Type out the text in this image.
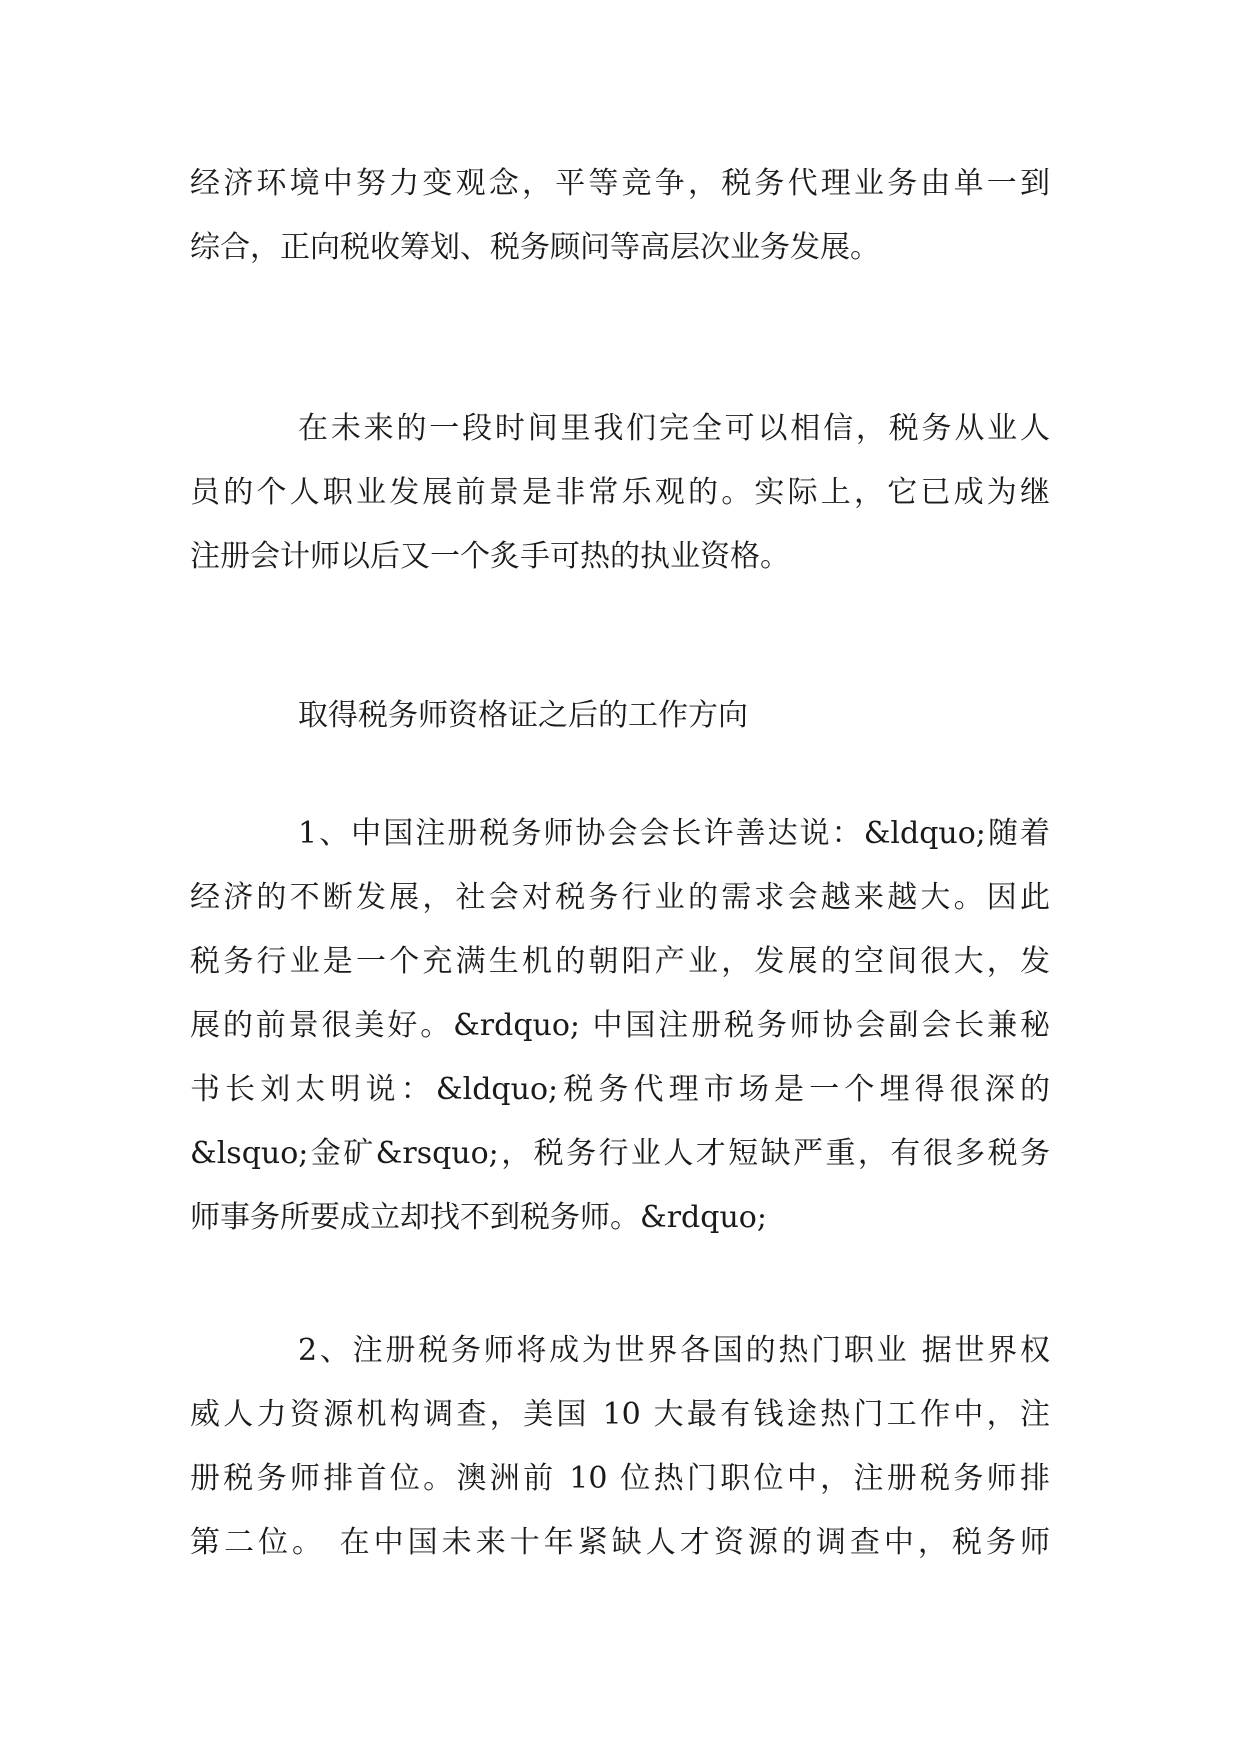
经济环境中努力变观念，平等竞争，税务代理业务由单一到
综合，正向税收筹划、税务顾问等高层次业务发展。
在未来的一段时间里我们完全可以相信，税务从业人
员的个人职业发展前景是非常乐观的。实际上，它已成为继
注册会计师以后又一个炙手可热的执业资格。
取得税务师资格证之后的工作方向
1、中国注册税务师协会会长许善达说：&ldquo;随着
经济的不断发展，社会对税务行业的需求会越来越大。因此
税务行业是一个充满生机的朝阳产业，发展的空间很大，发
展的前景很美好。&rdquo; 中国注册税务师协会副会长兼秘
书长刘太明说：&ldquo;税务代理市场是一个埋得很深的
&lsquo;金矿&rsquo;，税务行业人才短缺严重，有很多税务
师事务所要成立却找不到税务师。&rdquo;
2、注册税务师将成为世界各国的热门职业 据世界权
威人力资源机构调查，美国 10 大最有钱途热门工作中，注
册税务师排首位。澳洲前 10 位热门职位中，注册税务师排
第二位。 在中国未来十年紧缺人才资源的调查中，税务师
